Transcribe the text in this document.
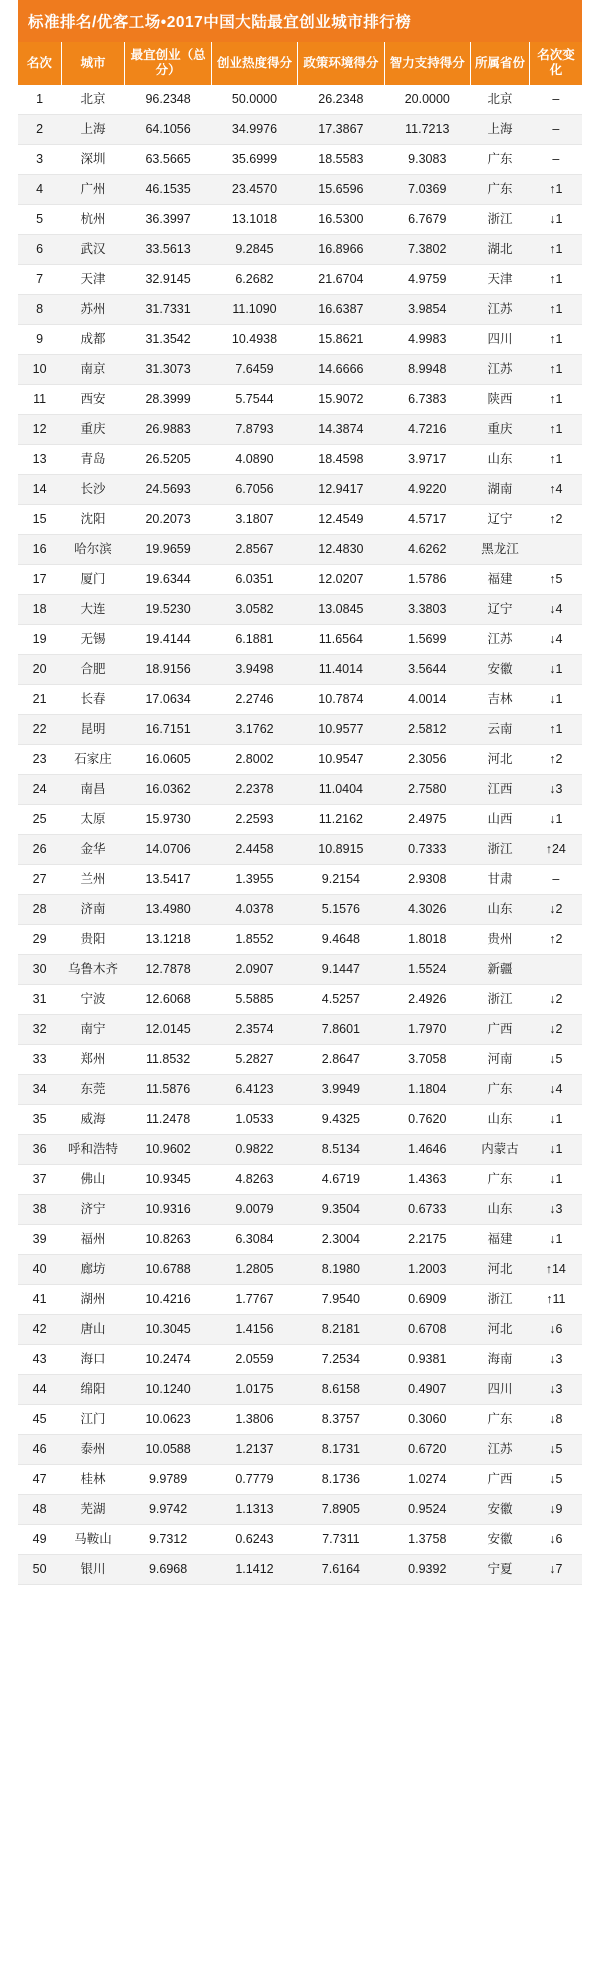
标准排名/优客工场•2017中国大陆最宜创业城市排行榜
名次	城市	最宜创业（总分）	创业热度得分	政策环境得分	智力支持得分	所属省份	名次变化
1	北京	96.2348	50.0000	26.2348	20.0000	北京	–
2	上海	64.1056	34.9976	17.3867	11.7213	上海	–
3	深圳	63.5665	35.6999	18.5583	9.3083	广东	–
4	广州	46.1535	23.4570	15.6596	7.0369	广东	↑1
5	杭州	36.3997	13.1018	16.5300	6.7679	浙江	↓1
6	武汉	33.5613	9.2845	16.8966	7.3802	湖北	↑1
7	天津	32.9145	6.2682	21.6704	4.9759	天津	↑1
8	苏州	31.7331	11.1090	16.6387	3.9854	江苏	↑1
9	成都	31.3542	10.4938	15.8621	4.9983	四川	↑1
10	南京	31.3073	7.6459	14.6666	8.9948	江苏	↑1
11	西安	28.3999	5.7544	15.9072	6.7383	陕西	↑1
12	重庆	26.9883	7.8793	14.3874	4.7216	重庆	↑1
13	青岛	26.5205	4.0890	18.4598	3.9717	山东	↑1
14	长沙	24.5693	6.7056	12.9417	4.9220	湖南	↑4
15	沈阳	20.2073	3.1807	12.4549	4.5717	辽宁	↑2
16	哈尔滨	19.9659	2.8567	12.4830	4.6262	黑龙江	
17	厦门	19.6344	6.0351	12.0207	1.5786	福建	↑5
18	大连	19.5230	3.0582	13.0845	3.3803	辽宁	↓4
19	无锡	19.4144	6.1881	11.6564	1.5699	江苏	↓4
20	合肥	18.9156	3.9498	11.4014	3.5644	安徽	↓1
21	长春	17.0634	2.2746	10.7874	4.0014	吉林	↓1
22	昆明	16.7151	3.1762	10.9577	2.5812	云南	↑1
23	石家庄	16.0605	2.8002	10.9547	2.3056	河北	↑2
24	南昌	16.0362	2.2378	11.0404	2.7580	江西	↓3
25	太原	15.9730	2.2593	11.2162	2.4975	山西	↓1
26	金华	14.0706	2.4458	10.8915	0.7333	浙江	↑24
27	兰州	13.5417	1.3955	9.2154	2.9308	甘肃	–
28	济南	13.4980	4.0378	5.1576	4.3026	山东	↓2
29	贵阳	13.1218	1.8552	9.4648	1.8018	贵州	↑2
30	乌鲁木齐	12.7878	2.0907	9.1447	1.5524	新疆	
31	宁波	12.6068	5.5885	4.5257	2.4926	浙江	↓2
32	南宁	12.0145	2.3574	7.8601	1.7970	广西	↓2
33	郑州	11.8532	5.2827	2.8647	3.7058	河南	↓5
34	东莞	11.5876	6.4123	3.9949	1.1804	广东	↓4
35	威海	11.2478	1.0533	9.4325	0.7620	山东	↓1
36	呼和浩特	10.9602	0.9822	8.5134	1.4646	内蒙古	↓1
37	佛山	10.9345	4.8263	4.6719	1.4363	广东	↓1
38	济宁	10.9316	9.0079	9.3504	0.6733	山东	↓3
39	福州	10.8263	6.3084	2.3004	2.2175	福建	↓1
40	廊坊	10.6788	1.2805	8.1980	1.2003	河北	↑14
41	湖州	10.4216	1.7767	7.9540	0.6909	浙江	↑11
42	唐山	10.3045	1.4156	8.2181	0.6708	河北	↓6
43	海口	10.2474	2.0559	7.2534	0.9381	海南	↓3
44	绵阳	10.1240	1.0175	8.6158	0.4907	四川	↓3
45	江门	10.0623	1.3806	8.3757	0.3060	广东	↓8
46	泰州	10.0588	1.2137	8.1731	0.6720	江苏	↓5
47	桂林	9.9789	0.7779	8.1736	1.0274	广西	↓5
48	芜湖	9.9742	1.1313	7.8905	0.9524	安徽	↓9
49	马鞍山	9.7312	0.6243	7.7311	1.3758	安徽	↓6
50	银川	9.6968	1.1412	7.6164	0.9392	宁夏	↓7
